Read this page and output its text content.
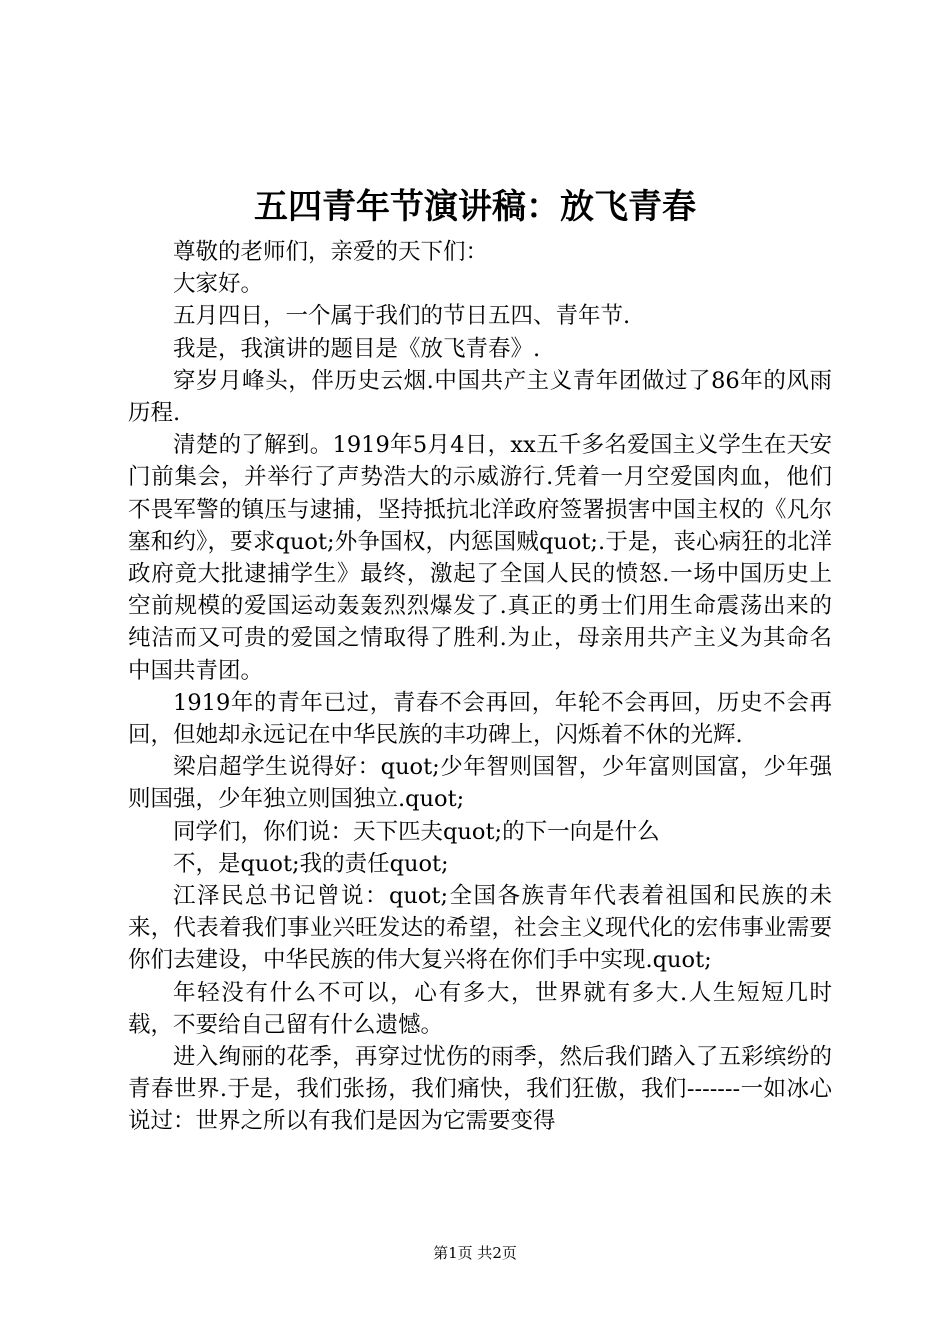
五四青年节演讲稿：放飞青春

尊敬的老师们，亲爱的天下们：

大家好。

五月四日，一个属于我们的节日五四、青年节.

我是，我演讲的题目是《放飞青春》.

穿岁月峰头，伴历史云烟.中国共产主义青年团做过了86年的风雨历程.

清楚的了解到。1919年5月4日，xx五千多名爱国主义学生在天安门前集会，并举行了声势浩大的示威游行.凭着一月空爱国肉血，他们不畏军警的镇压与逮捕，坚持抵抗北洋政府签署损害中国主权的《凡尔塞和约》，要求quot;外争国权，内惩国贼quot;.于是，丧心病狂的北洋政府竟大批逮捕学生》最终，激起了全国人民的愤怒.一场中国历史上空前规模的爱国运动轰轰烈烈爆发了.真正的勇士们用生命震荡出来的纯洁而又可贵的爱国之情取得了胜利.为止，母亲用共产主义为其命名中国共青团。

1919年的青年已过，青春不会再回，年轮不会再回，历史不会再回，但她却永远记在中华民族的丰功碑上，闪烁着不休的光辉.

梁启超学生说得好：quot;少年智则国智，少年富则国富，少年强则国强，少年独立则国独立.quot;

同学们，你们说：天下匹夫quot;的下一向是什么

不，是quot;我的责任quot;

江泽民总书记曾说：quot;全国各族青年代表着祖国和民族的未来，代表着我们事业兴旺发达的希望，社会主义现代化的宏伟事业需要你们去建设，中华民族的伟大复兴将在你们手中实现.quot;

年轻没有什么不可以，心有多大，世界就有多大.人生短短几时载，不要给自己留有什么遗憾。

进入绚丽的花季，再穿过忧伤的雨季，然后我们踏入了五彩缤纷的青春世界.于是，我们张扬，我们痛快，我们狂傲，我们-------一如冰心说过：世界之所以有我们是因为它需要变得

第1页 共2页
